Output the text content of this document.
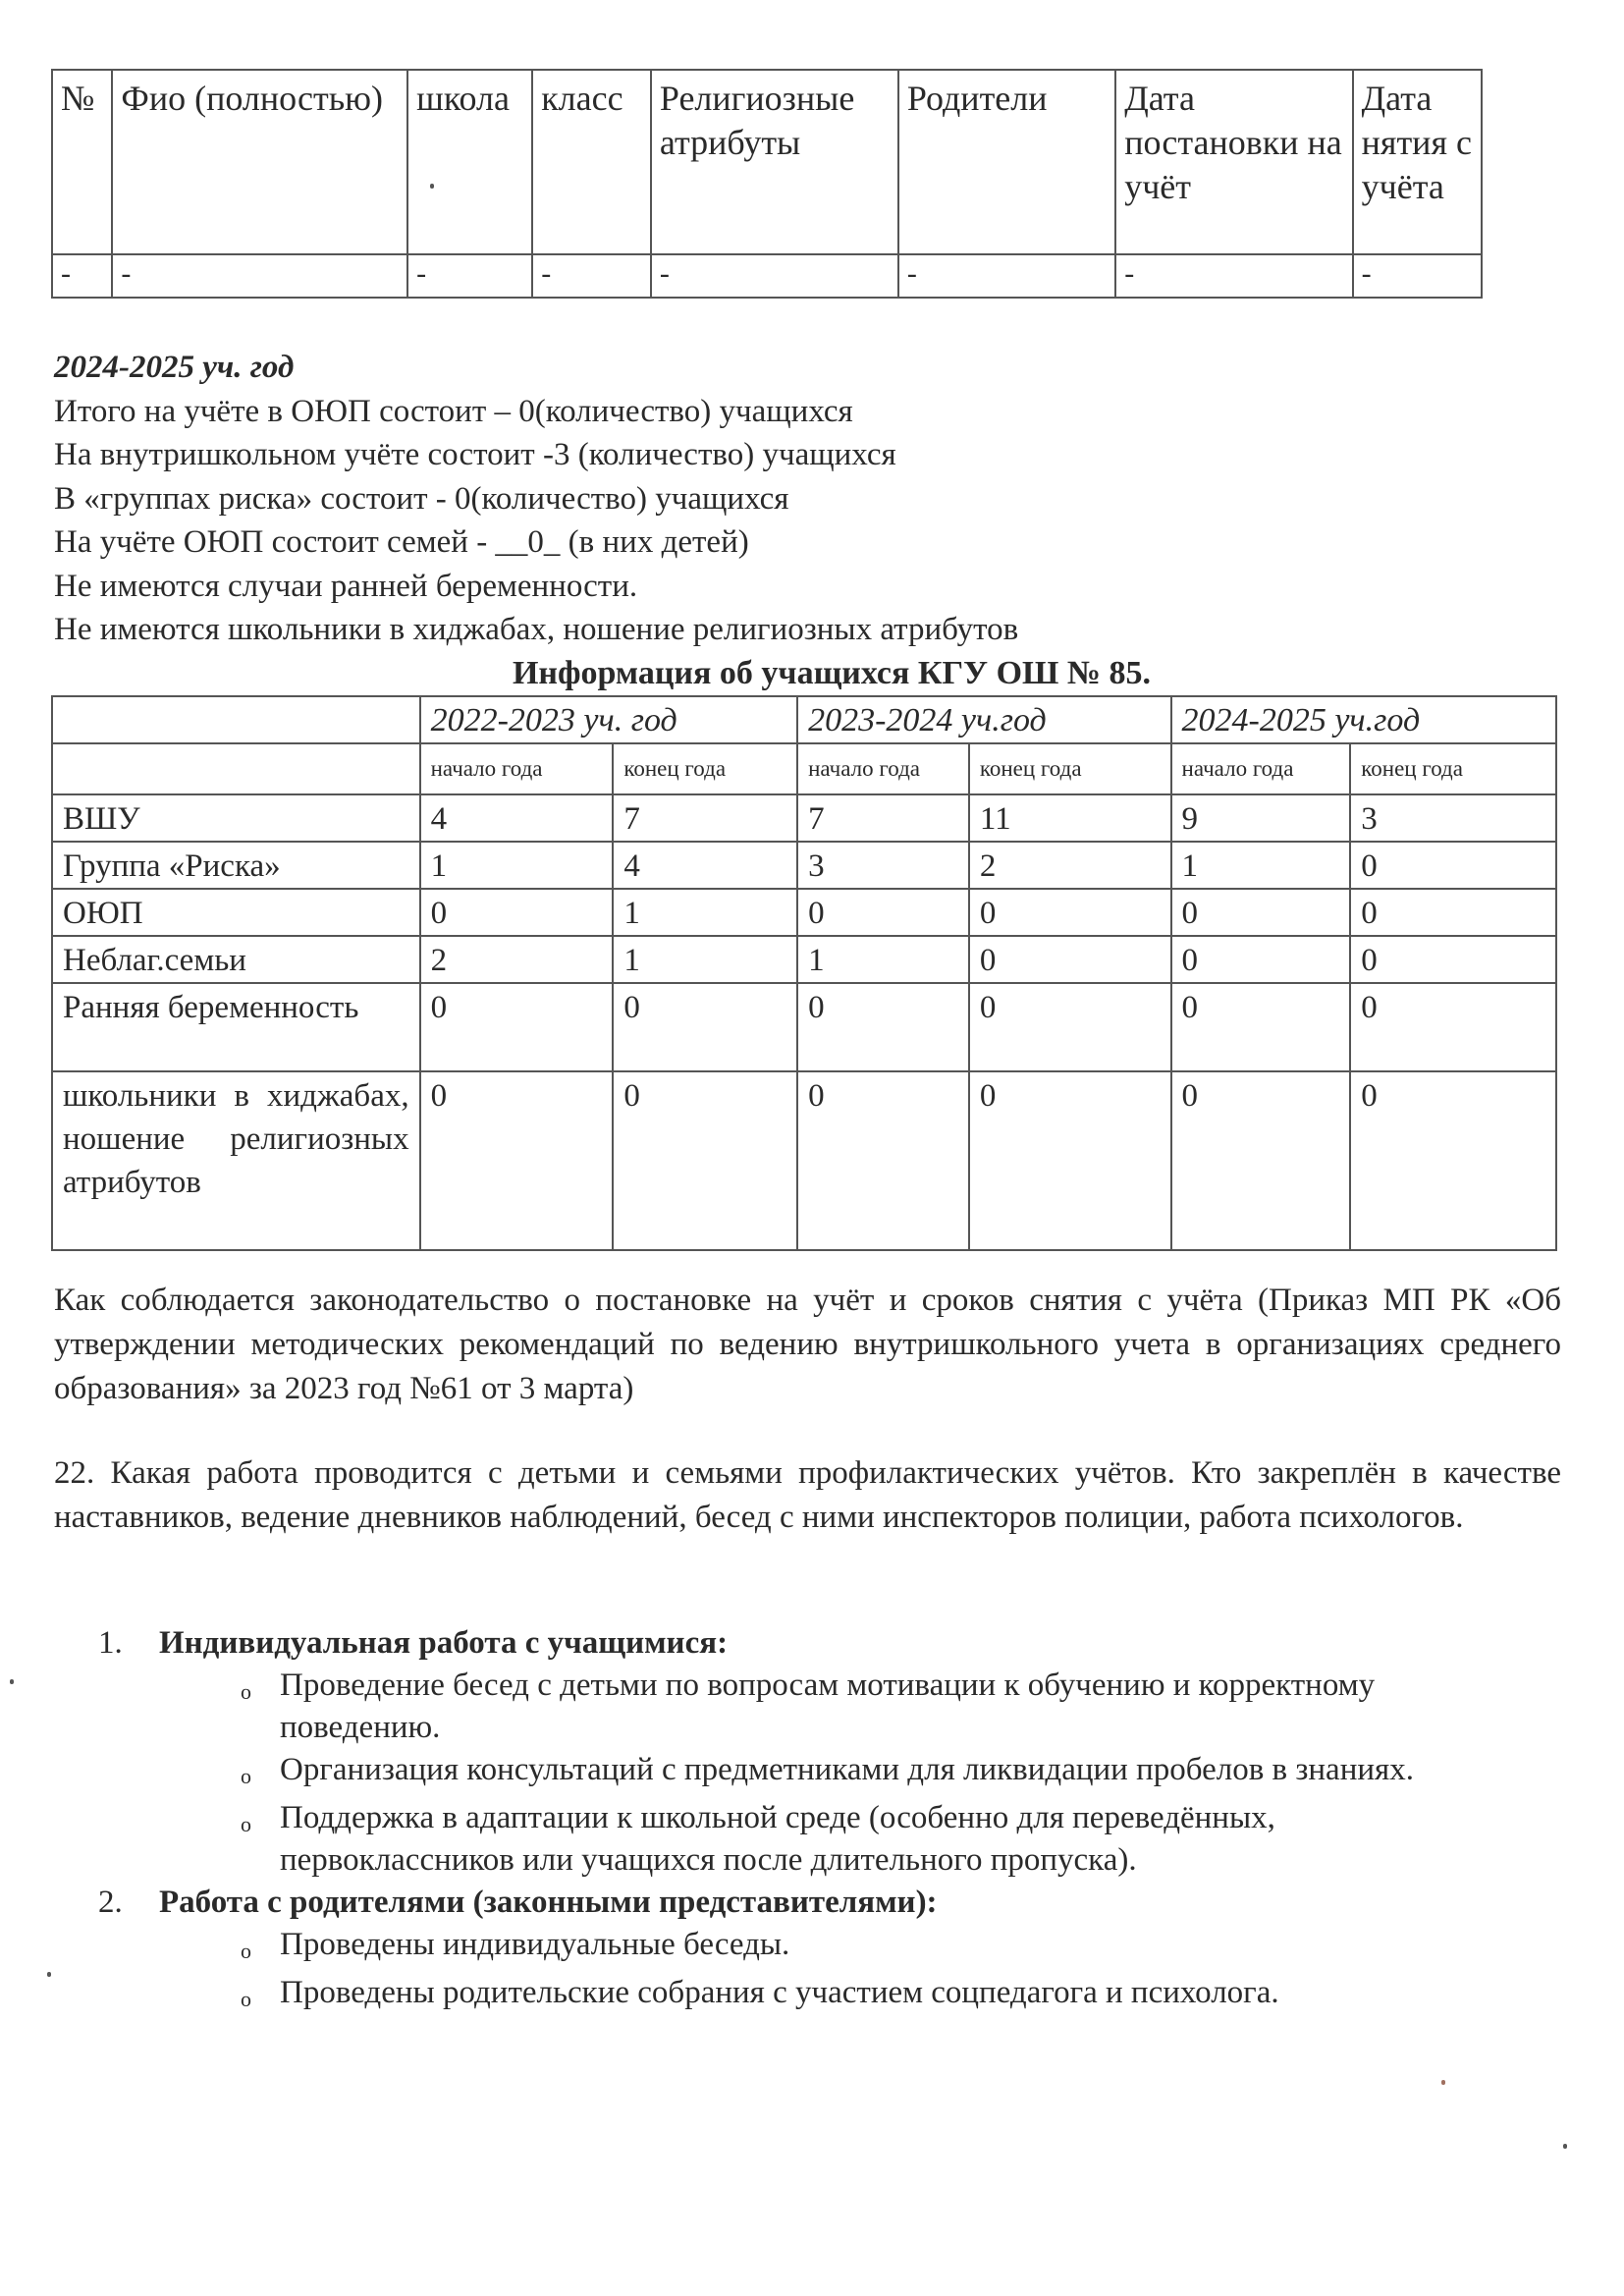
№	Фио (полностью)	школа	класс	Религиозные атрибуты	Родители	Дата постановки на учёт	Дата нятия с учёта
-	-	-	-	-	-	-	-
2024-2025 уч. год
Итого на учёте в ОЮП состоит – 0(количество) учащихся
На внутришкольном учёте состоит -3 (количество) учащихся
В «группах риска» состоит - 0(количество) учащихся
На учёте ОЮП состоит семей - __0_ (в них детей)
Не имеются случаи ранней беременности.
Не имеются школьники в хиджабах, ношение религиозных атрибутов
Информация об учащихся КГУ ОШ № 85.
	2022-2023 уч. год		2023-2024 уч.год		2024-2025 уч.год	
	начало года	конец года	начало года	конец года	начало года	конец года
ВШУ	4	7	7	11	9	3
Группа «Риска»	1	4	3	2	1	0
ОЮП	0	1	0	0	0	0
Неблаг.семьи	2	1	1	0	0	0
Ранняя беременность	0	0	0	0	0	0
школьники в хиджабах, ношение религиозных атрибутов	0	0	0	0	0	0
Как соблюдается законодательство о постановке на учёт и сроков снятия с учёта (Приказ МП РК «Об утверждении методических рекомендаций по ведению внутришкольного учета в организациях среднего образования» за 2023 год №61 от 3 марта)
22. Какая работа проводится с детьми и семьями профилактических учётов. Кто закреплён в качестве наставников, ведение дневников наблюдений, бесед с ними инспекторов полиции, работа психологов.
1.	Индивидуальная работа с учащимися:
o Проведение бесед с детьми по вопросам мотивации к обучению и корректному поведению.
o Организация консультаций с предметниками для ликвидации пробелов в знаниях.
o Поддержка в адаптации к школьной среде (особенно для переведённых, первоклассников или учащихся после длительного пропуска).
2.	Работа с родителями (законными представителями):
o Проведены индивидуальные беседы.
o Проведены родительские собрания с участием соцпедагога и психолога.
